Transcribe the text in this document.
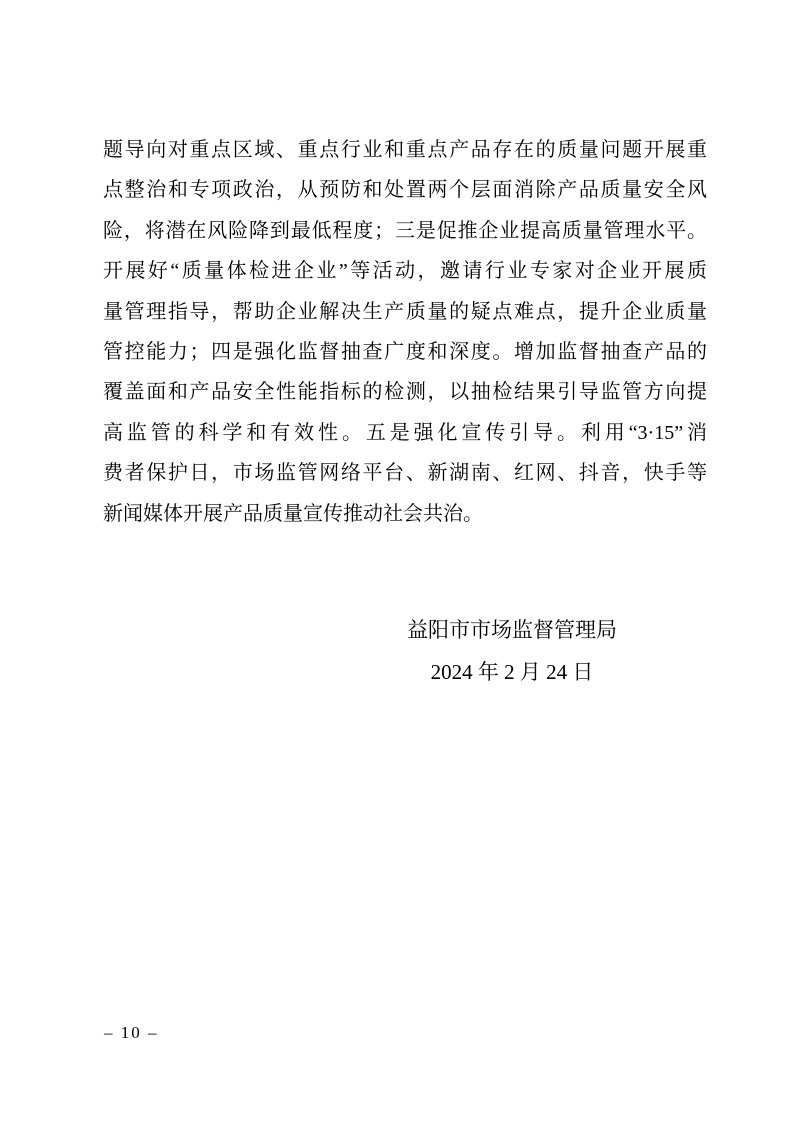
题导向对重点区域、重点行业和重点产品存在的质量问题开展重
点整治和专项政治，从预防和处置两个层面消除产品质量安全风
险，将潜在风险降到最低程度；三是促推企业提高质量管理水平。
开展好“质量体检进企业”等活动，邀请行业专家对企业开展质
量管理指导，帮助企业解决生产质量的疑点难点，提升企业质量
管控能力；四是强化监督抽查广度和深度。增加监督抽查产品的
覆盖面和产品安全性能指标的检测，以抽检结果引导监管方向提
高监管的科学和有效性。五是强化宣传引导。利用“3·15”消
费者保护日，市场监管网络平台、新湖南、红网、抖音，快手等
新闻媒体开展产品质量宣传推动社会共治。
益阳市市场监督管理局
2024 年 2 月 24 日
– 10 –
